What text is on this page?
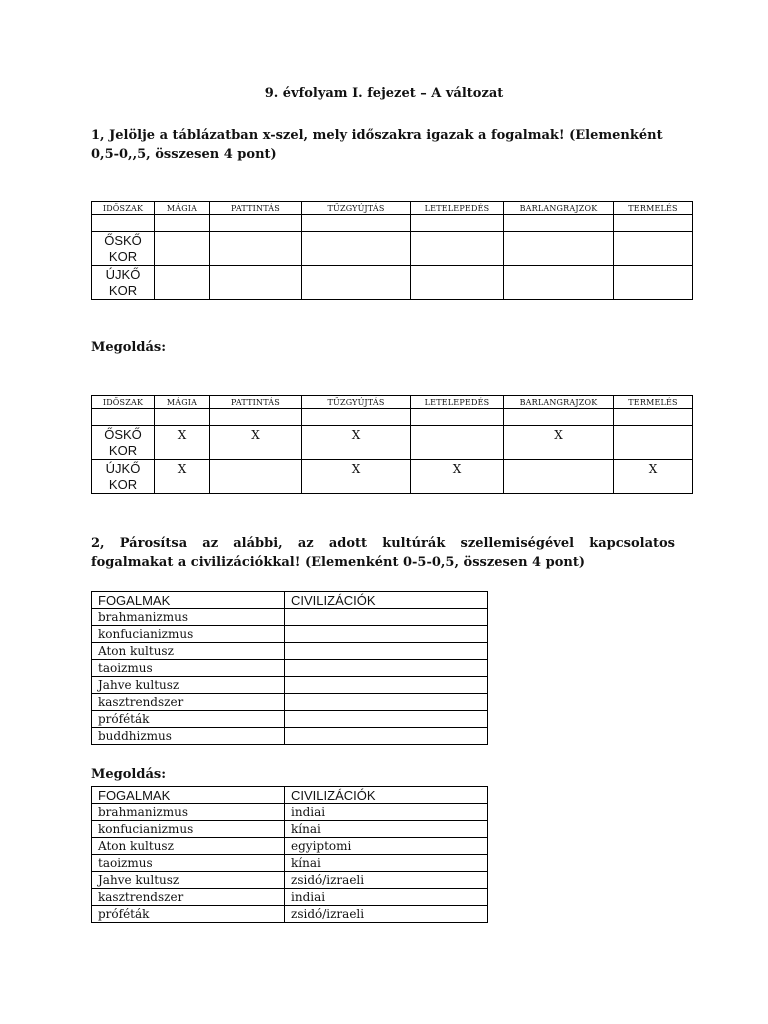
9. évfolyam I. fejezet – A változat
1, Jelölje a táblázatban x-szel, mely időszakra igazak a fogalmak! (Elemenként 0,5-0,,5, összesen 4 pont)
IDŐSZAK	MÁGIA	PATTINTÁS	TŰZGYÚJTÁS	LETELEPEDÉS	BARLANGRAJZOK	TERMELÉS

ŐSKŐ
KOR						
ÚJKŐ
KOR						
Megoldás:
IDŐSZAK	MÁGIA	PATTINTÁS	TŰZGYÚJTÁS	LETELEPEDÉS	BARLANGRAJZOK	TERMELÉS

ŐSKŐ
KOR	X	X	X		X	
ÚJKŐ
KOR	X		X	X		X
2, Párosítsa az alábbi, az adott kultúrák szellemiségével kapcsolatos fogalmakat a civilizációkkal! (Elemenként 0-5-0,5, összesen 4 pont)
FOGALMAK	CIVILIZÁCIÓK
brahmanizmus	
konfucianizmus	
Aton kultusz	
taoizmus	
Jahve kultusz	
kasztrendszer	
próféták	
buddhizmus	
Megoldás:
FOGALMAK	CIVILIZÁCIÓK
brahmanizmus	indiai
konfucianizmus	kínai
Aton kultusz	egyiptomi
taoizmus	kínai
Jahve kultusz	zsidó/izraeli
kasztrendszer	indiai
próféták	zsidó/izraeli
